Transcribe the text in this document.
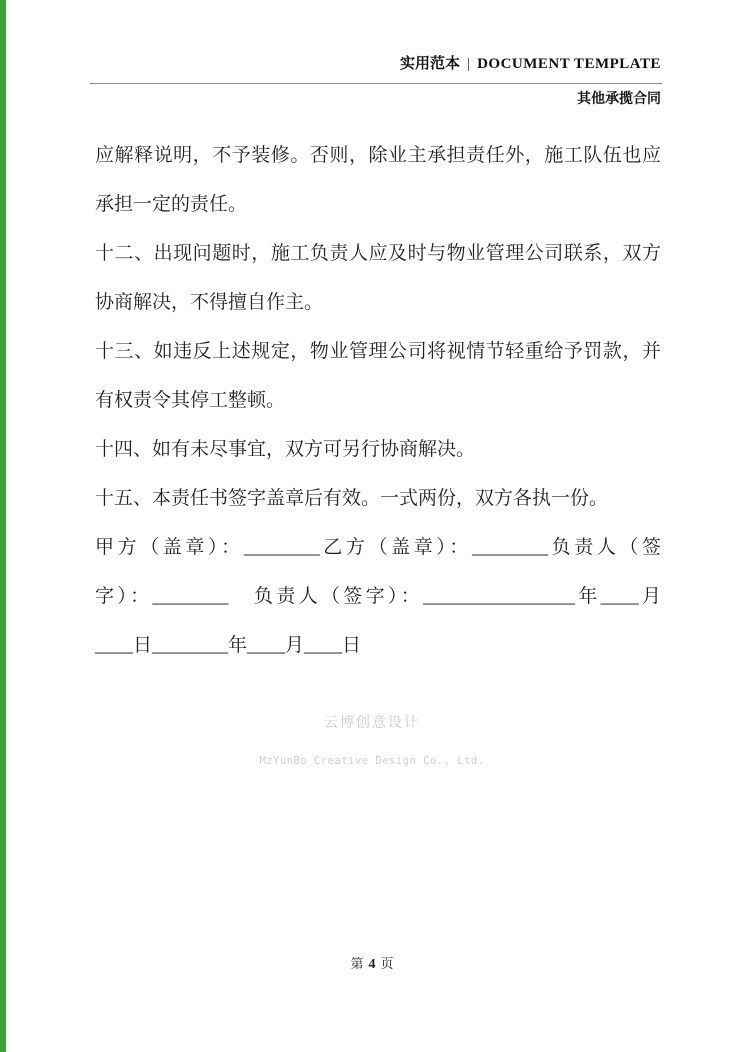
实用范本 | DOCUMENT TEMPLATE
其他承揽合同
应解释说明，不予装修。否则，除业主承担责任外，施工队伍也应
承担一定的责任。
十二、出现问题时，施工负责人应及时与物业管理公司联系，双方
协商解决，不得擅自作主。
十三、如违反上述规定，物业管理公司将视情节轻重给予罚款，并
有权责令其停工整顿。
十四、如有未尽事宜，双方可另行协商解决。
十五、本责任书签字盖章后有效。一式两份，双方各执一份。
甲方（盖章）：________乙方（盖章）：________负责人（签
字）：________　负责人（签字）：________________年____月
____日________年____月____日
云博创意设计
MzYunBo Creative Design Co., Ltd.
第 4 页
